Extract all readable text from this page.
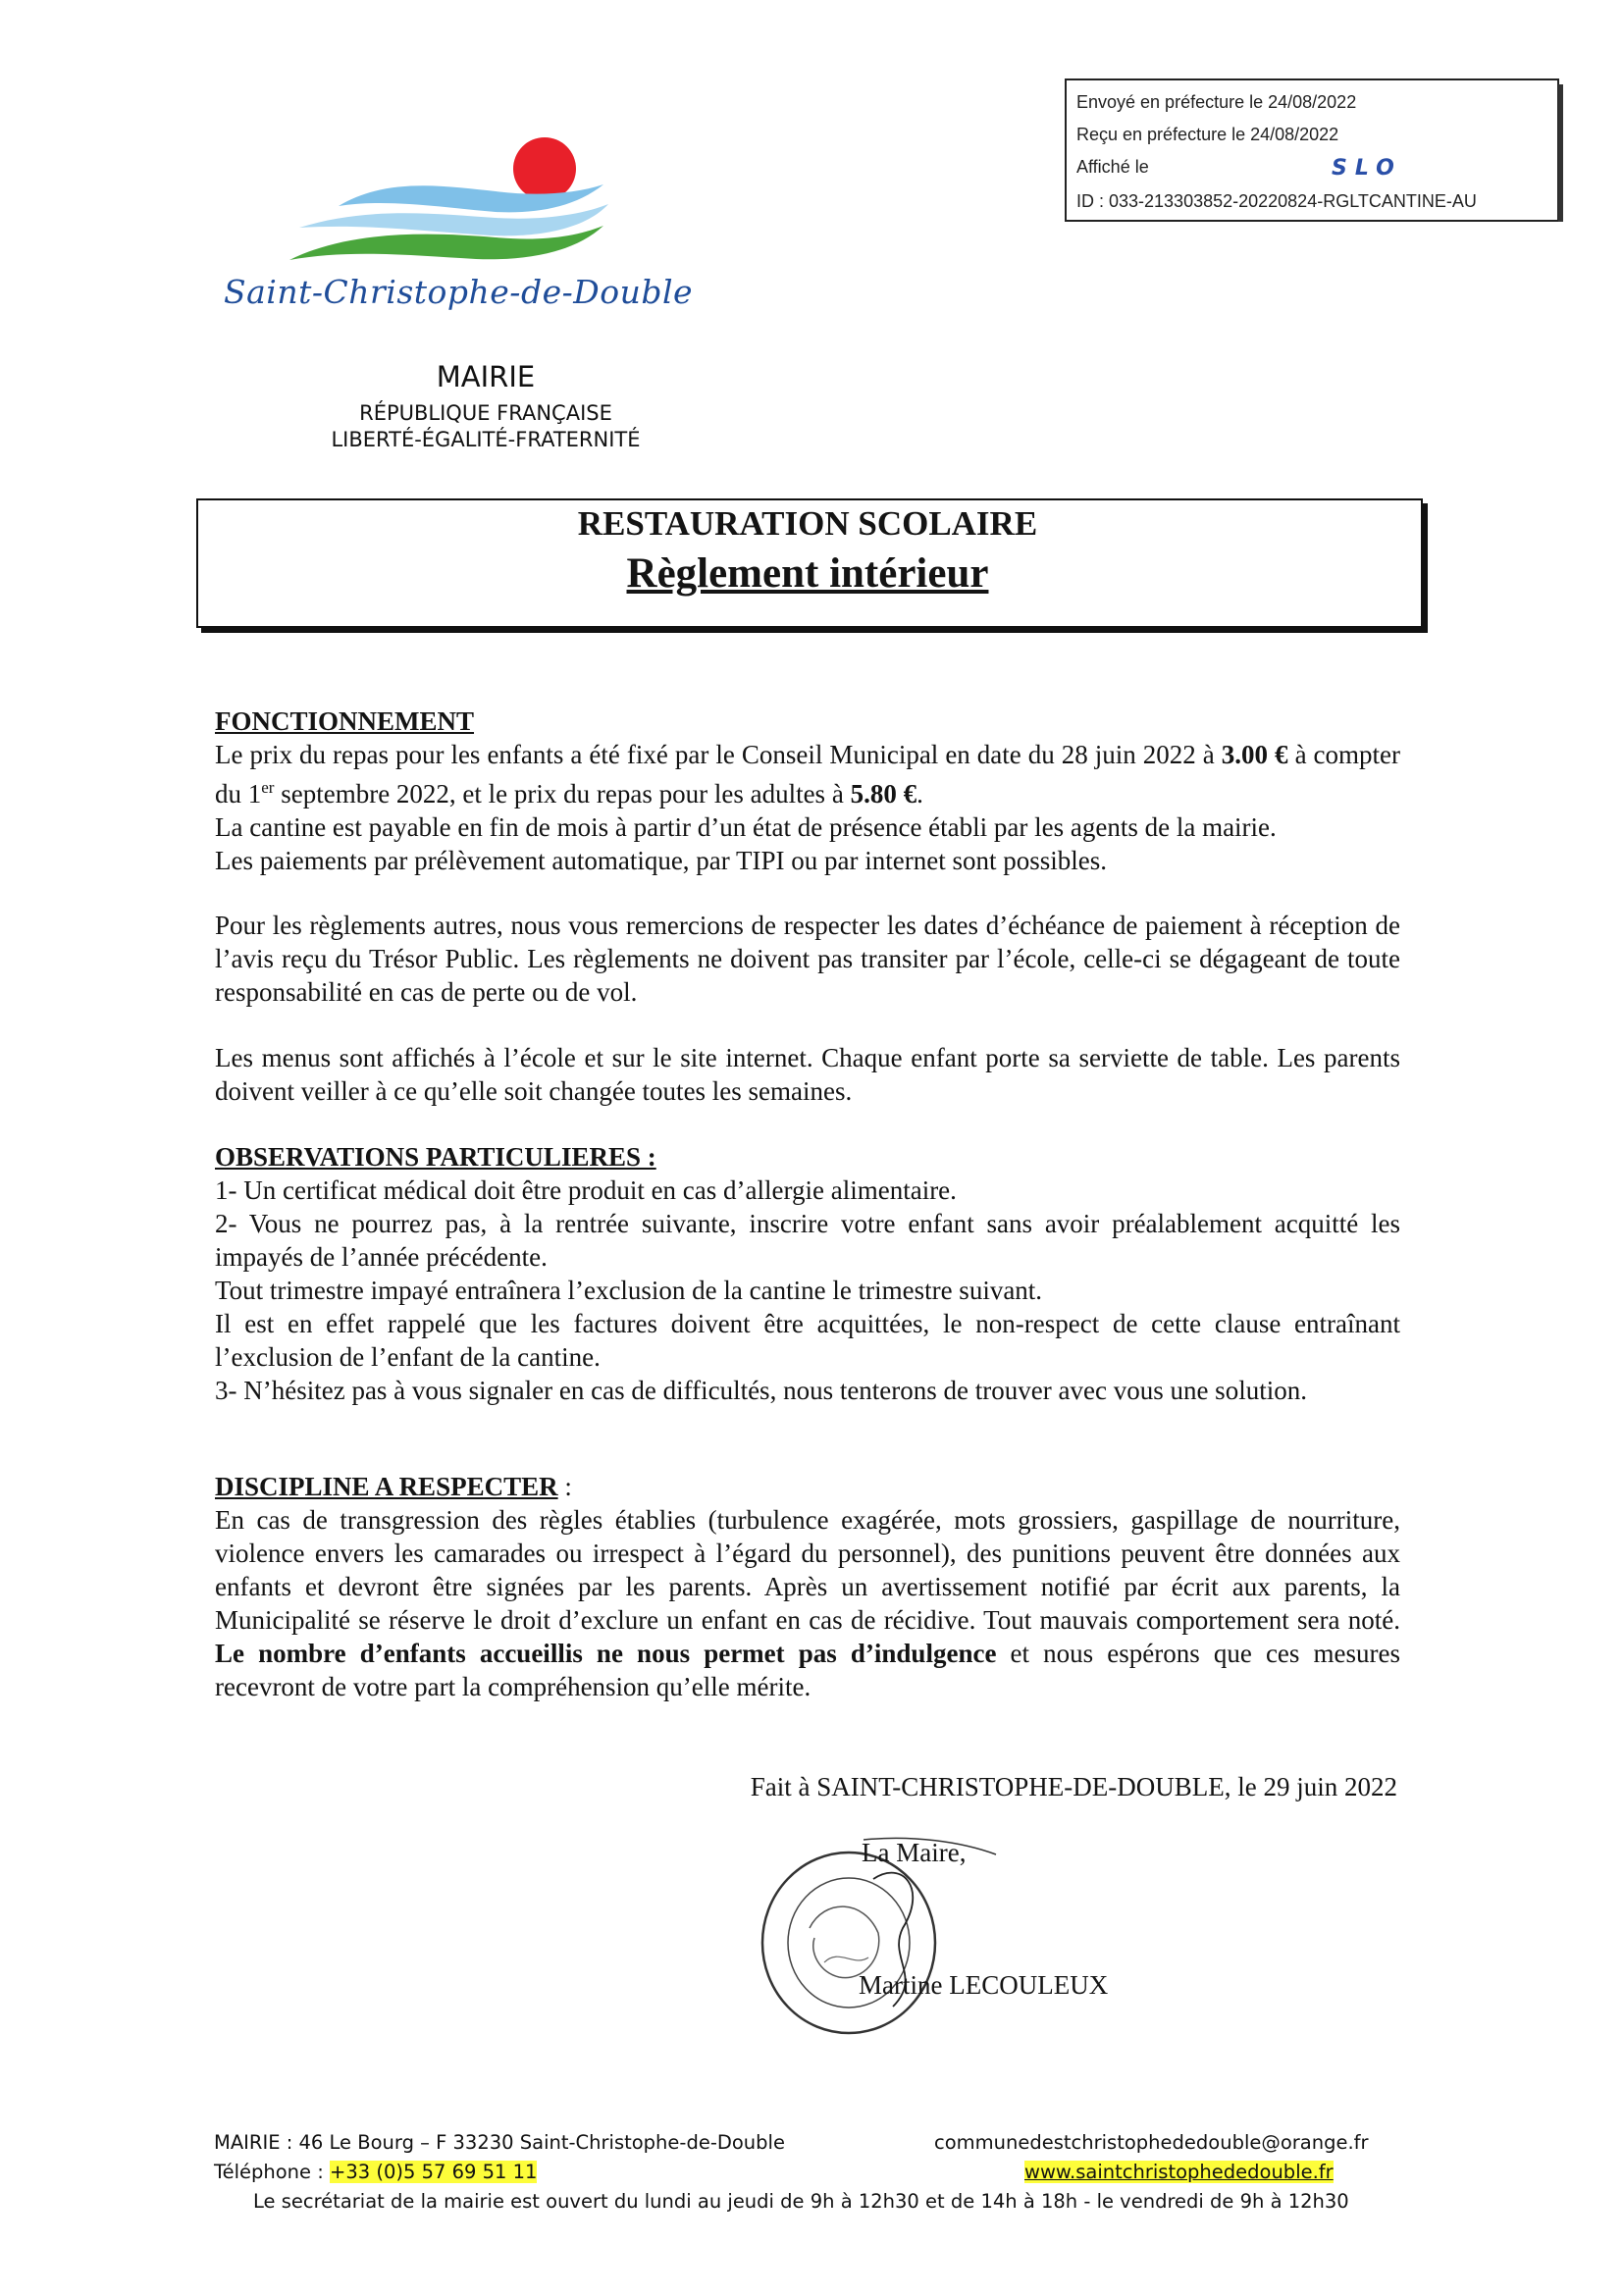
Envoyé en préfecture le 24/08/2022
Reçu en préfecture le 24/08/2022
Affiché le	SLO
ID : 033-213303852-20220824-RGLTCANTINE-AU
Saint-Christophe-de-Double
MAIRIE
RÉPUBLIQUE FRANÇAISE
LIBERTÉ-ÉGALITÉ-FRATERNITÉ
RESTAURATION SCOLAIRE
Règlement intérieur
FONCTIONNEMENT
Le prix du repas pour les enfants a été fixé par le Conseil Municipal en date du 28 juin 2022 à 3.00 € à compter du 1er septembre 2022, et le prix du repas pour les adultes à 5.80 €.
La cantine est payable en fin de mois à partir d’un état de présence établi par les agents de la mairie.
Les paiements par prélèvement automatique, par TIPI ou par internet sont possibles.
Pour les règlements autres, nous vous remercions de respecter les dates d’échéance de paiement à réception de l’avis reçu du Trésor Public. Les règlements ne doivent pas transiter par l’école, celle-ci se dégageant de toute responsabilité en cas de perte ou de vol.
Les menus sont affichés à l’école et sur le site internet. Chaque enfant porte sa serviette de table. Les parents doivent veiller à ce qu’elle soit changée toutes les semaines.
OBSERVATIONS PARTICULIERES :
1- Un certificat médical doit être produit en cas d’allergie alimentaire.
2- Vous ne pourrez pas, à la rentrée suivante, inscrire votre enfant sans avoir préalablement acquitté les impayés de l’année précédente.
Tout trimestre impayé entraînera l’exclusion de la cantine le trimestre suivant.
Il est en effet rappelé que les factures doivent être acquittées, le non-respect de cette clause entraînant l’exclusion de l’enfant de la cantine.
3- N’hésitez pas à vous signaler en cas de difficultés, nous tenterons de trouver avec vous une solution.
DISCIPLINE A RESPECTER :
En cas de transgression des règles établies (turbulence exagérée, mots grossiers, gaspillage de nourriture, violence envers les camarades ou irrespect à l’égard du personnel), des punitions peuvent être données aux enfants et devront être signées par les parents. Après un avertissement notifié par écrit aux parents, la Municipalité se réserve le droit d’exclure un enfant en cas de récidive. Tout mauvais comportement sera noté. Le nombre d’enfants accueillis ne nous permet pas d’indulgence et nous espérons que ces mesures recevront de votre part la compréhension qu’elle mérite.
Fait à SAINT-CHRISTOPHE-DE-DOUBLE, le 29 juin 2022
La Maire,
Martine LECOULEUX
MAIRIE : 46 Le Bourg – F 33230 Saint-Christophe-de-Double
Téléphone : +33 (0)5 57 69 51 11
Le secrétariat de la mairie est ouvert du lundi au jeudi de 9h à 12h30 et de 14h à 18h - le vendredi de 9h à 12h30
communedestchristophededouble@orange.fr
www.saintchristophededouble.fr
